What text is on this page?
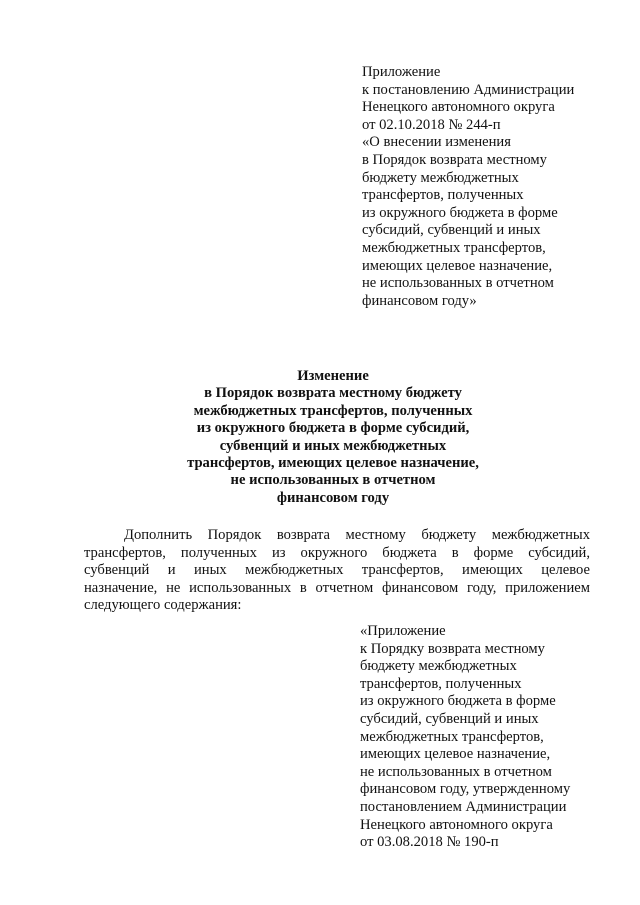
Приложение
к постановлению Администрации
Ненецкого автономного округа
от 02.10.2018 № 244-п
«О внесении изменения
в Порядок возврата местному
бюджету межбюджетных
трансфертов, полученных
из окружного бюджета в форме
субсидий, субвенций и иных
межбюджетных трансфертов,
имеющих целевое назначение,
не использованных в отчетном
финансовом году»
Изменение
в Порядок возврата местному бюджету
межбюджетных трансфертов, полученных
из окружного бюджета в форме субсидий,
субвенций и иных межбюджетных
трансфертов, имеющих целевое назначение,
не использованных в отчетном
финансовом году
Дополнить Порядок возврата местному бюджету межбюджетных
трансфертов, полученных из окружного бюджета в форме субсидий,
субвенций и иных межбюджетных трансфертов, имеющих целевое
назначение, не использованных в отчетном финансовом году, приложением
следующего содержания:
«Приложение
к Порядку возврата местному
бюджету межбюджетных
трансфертов, полученных
из окружного бюджета в форме
субсидий, субвенций и иных
межбюджетных трансфертов,
имеющих целевое назначение,
не использованных в отчетном
финансовом году, утвержденному
постановлением Администрации
Ненецкого автономного округа
от 03.08.2018 № 190-п
